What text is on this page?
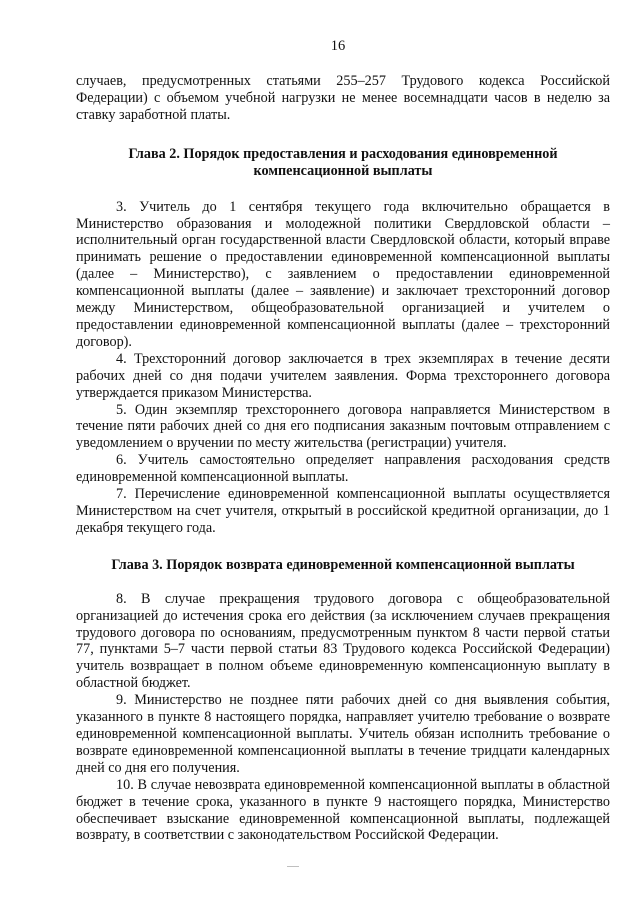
16

случаев, предусмотренных статьями 255–257 Трудового кодекса Российской Федерации) с объемом учебной нагрузки не менее восемнадцати часов в неделю за ставку заработной платы.

Глава 2. Порядок предоставления и расходования единовременной компенсационной выплаты

3. Учитель до 1 сентября текущего года включительно обращается в Министерство образования и молодежной политики Свердловской области – исполнительный орган государственной власти Свердловской области, который вправе принимать решение о предоставлении единовременной компенсационной выплаты (далее – Министерство), с заявлением о предоставлении единовременной компенсационной выплаты (далее – заявление) и заключает трехсторонний договор между Министерством, общеобразовательной организацией и учителем о предоставлении единовременной компенсационной выплаты (далее – трехсторонний договор).

4. Трехсторонний договор заключается в трех экземплярах в течение десяти рабочих дней со дня подачи учителем заявления. Форма трехстороннего договора утверждается приказом Министерства.

5. Один экземпляр трехстороннего договора направляется Министерством в течение пяти рабочих дней со дня его подписания заказным почтовым отправлением с уведомлением о вручении по месту жительства (регистрации) учителя.

6. Учитель самостоятельно определяет направления расходования средств единовременной компенсационной выплаты.

7. Перечисление единовременной компенсационной выплаты осуществляется Министерством на счет учителя, открытый в российской кредитной организации, до 1 декабря текущего года.

Глава 3. Порядок возврата единовременной компенсационной выплаты

8. В случае прекращения трудового договора с общеобразовательной организацией до истечения срока его действия (за исключением случаев прекращения трудового договора по основаниям, предусмотренным пунктом 8 части первой статьи 77, пунктами 5–7 части первой статьи 83 Трудового кодекса Российской Федерации) учитель возвращает в полном объеме единовременную компенсационную выплату в областной бюджет.

9. Министерство не позднее пяти рабочих дней со дня выявления события, указанного в пункте 8 настоящего порядка, направляет учителю требование о возврате единовременной компенсационной выплаты. Учитель обязан исполнить требование о возврате единовременной компенсационной выплаты в течение тридцати календарных дней со дня его получения.

10. В случае невозврата единовременной компенсационной выплаты в областной бюджет в течение срока, указанного в пункте 9 настоящего порядка, Министерство обеспечивает взыскание единовременной компенсационной выплаты, подлежащей возврату, в соответствии с законодательством Российской Федерации.
